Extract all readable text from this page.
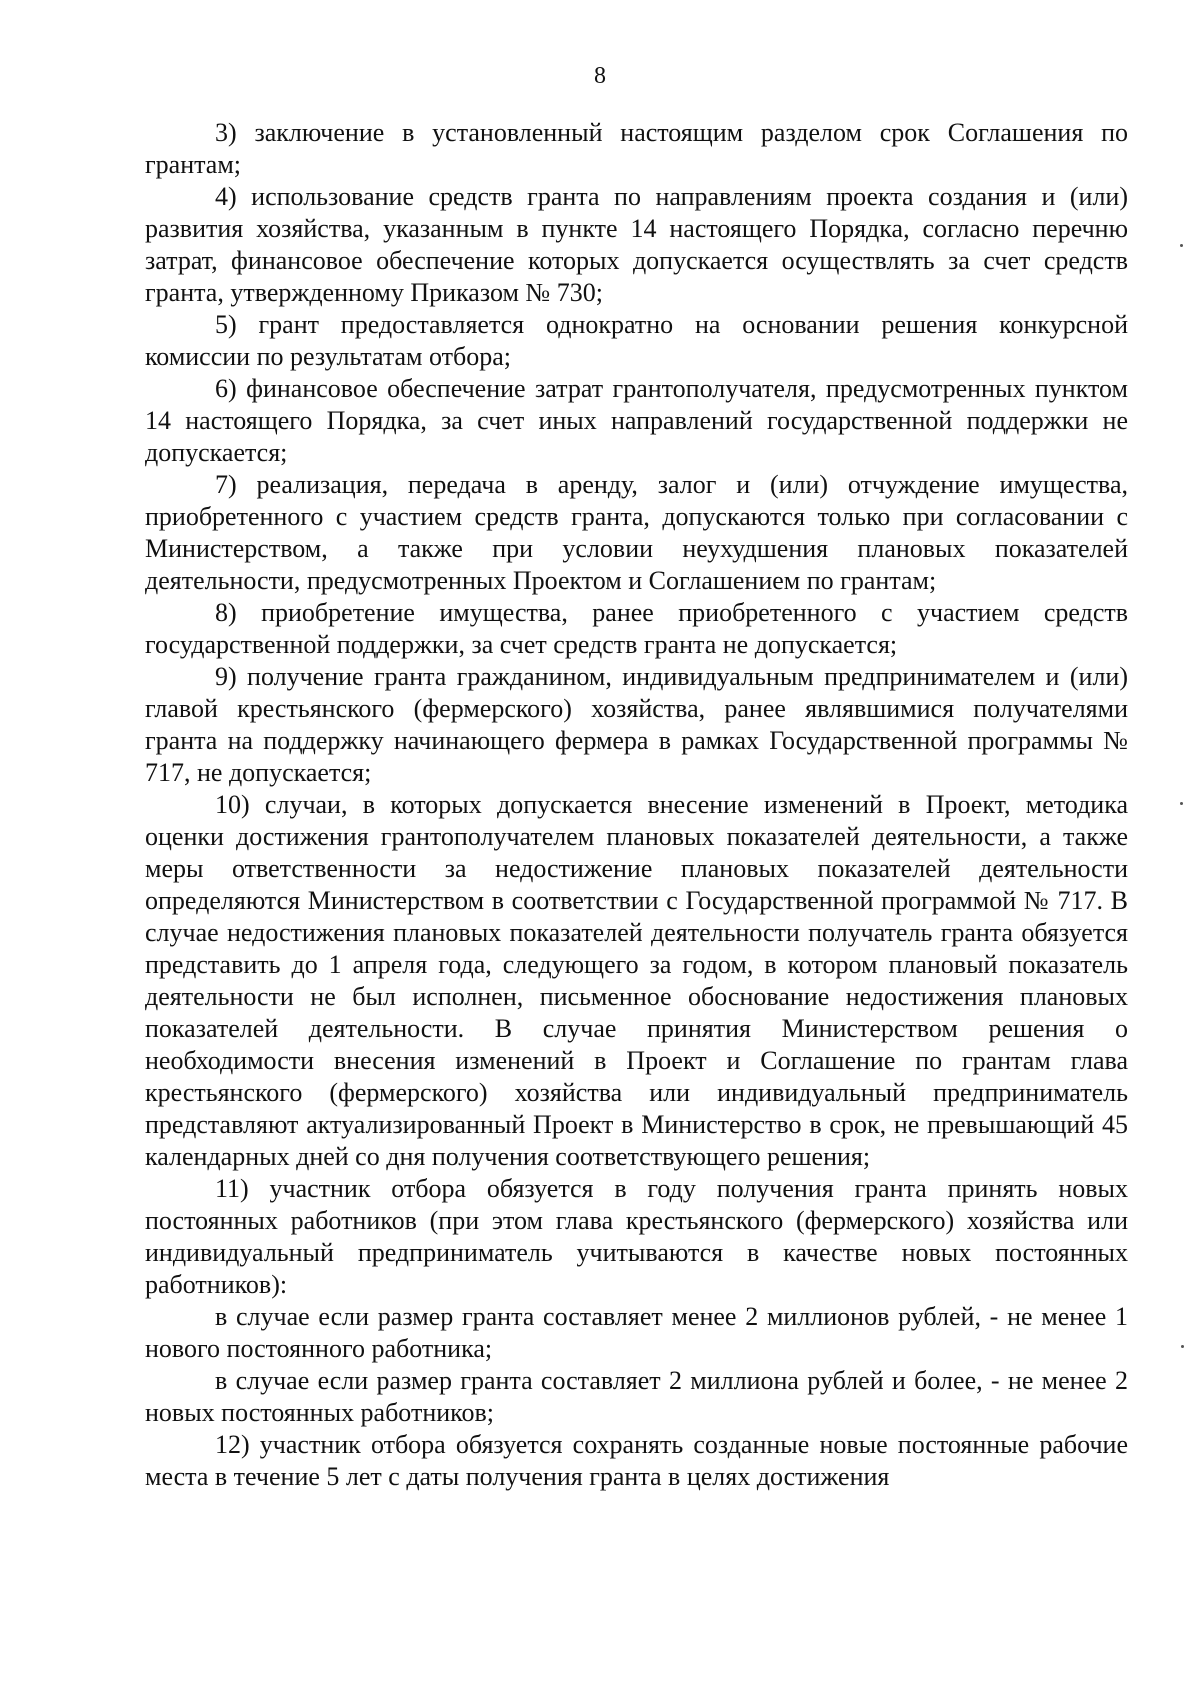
8

3) заключение в установленный настоящим разделом срок Соглашения по грантам;

4) использование средств гранта по направлениям проекта создания и (или) развития хозяйства, указанным в пункте 14 настоящего Порядка, согласно перечню затрат, финансовое обеспечение которых допускается осуществлять за счет средств гранта, утвержденному Приказом № 730;

5) грант предоставляется однократно на основании решения конкурсной комиссии по результатам отбора;

6) финансовое обеспечение затрат грантополучателя, предусмотренных пунктом 14 настоящего Порядка, за счет иных направлений государственной поддержки не допускается;

7) реализация, передача в аренду, залог и (или) отчуждение имущества, приобретенного с участием средств гранта, допускаются только при согласовании с Министерством, а также при условии неухудшения плановых показателей деятельности, предусмотренных Проектом и Соглашением по грантам;

8) приобретение имущества, ранее приобретенного с участием средств государственной поддержки, за счет средств гранта не допускается;

9) получение гранта гражданином, индивидуальным предпринимателем и (или) главой крестьянского (фермерского) хозяйства, ранее являвшимися получателями гранта на поддержку начинающего фермера в рамках Государственной программы № 717, не допускается;

10) случаи, в которых допускается внесение изменений в Проект, методика оценки достижения грантополучателем плановых показателей деятельности, а также меры ответственности за недостижение плановых показателей деятельности определяются Министерством в соответствии с Государственной программой № 717. В случае недостижения плановых показателей деятельности получатель гранта обязуется представить до 1 апреля года, следующего за годом, в котором плановый показатель деятельности не был исполнен, письменное обоснование недостижения плановых показателей деятельности. В случае принятия Министерством решения о необходимости внесения изменений в Проект и Соглашение по грантам глава крестьянского (фермерского) хозяйства или индивидуальный предприниматель представляют актуализированный Проект в Министерство в срок, не превышающий 45 календарных дней со дня получения соответствующего решения;

11) участник отбора обязуется в году получения гранта принять новых постоянных работников (при этом глава крестьянского (фермерского) хозяйства или индивидуальный предприниматель учитываются в качестве новых постоянных работников):

в случае если размер гранта составляет менее 2 миллионов рублей, - не менее 1 нового постоянного работника;

в случае если размер гранта составляет 2 миллиона рублей и более, - не менее 2 новых постоянных работников;

12) участник отбора обязуется сохранять созданные новые постоянные рабочие места в течение 5 лет с даты получения гранта в целях достижения
